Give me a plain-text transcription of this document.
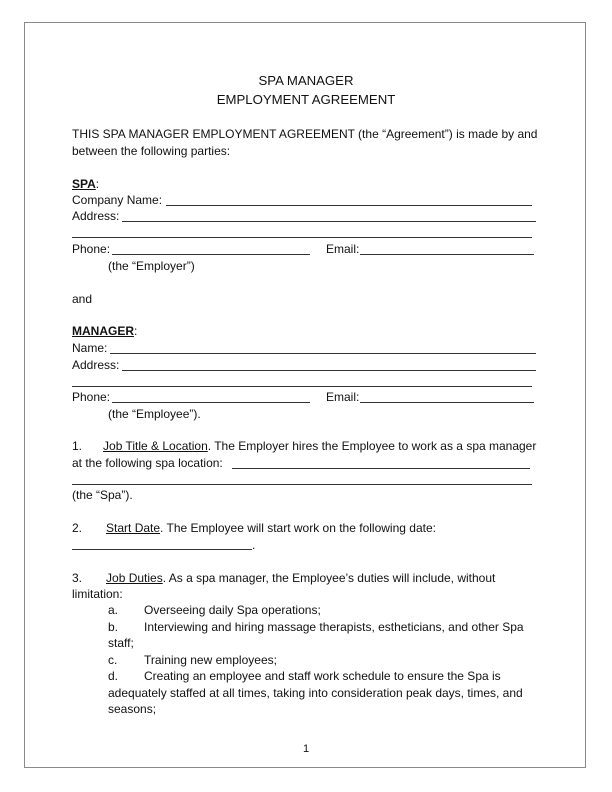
SPA MANAGER
EMPLOYMENT AGREEMENT
THIS SPA MANAGER EMPLOYMENT AGREEMENT (the “Agreement”) is made by and
between the following parties:
SPA:
Company Name:
Address:
Phone:	Email:
(the “Employer”)
and
MANAGER:
Name:
Address:
Phone:	Email:
(the “Employee”).
1. Job Title & Location. The Employer hires the Employee to work as a spa manager
at the following spa location:
(the “Spa”).
2. Start Date. The Employee will start work on the following date:
.
3. Job Duties. As a spa manager, the Employee’s duties will include, without
limitation:
a. Overseeing daily Spa operations;
b. Interviewing and hiring massage therapists, estheticians, and other Spa
staff;
c. Training new employees;
d. Creating an employee and staff work schedule to ensure the Spa is
adequately staffed at all times, taking into consideration peak days, times, and
seasons;
1
